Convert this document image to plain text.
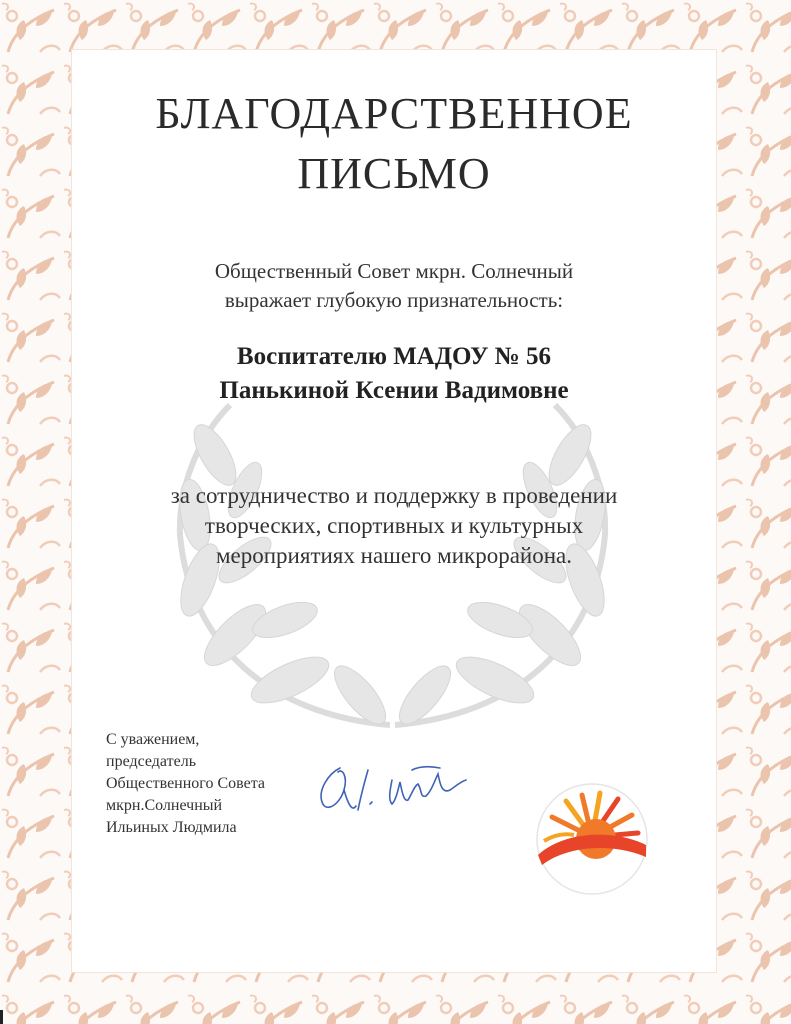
БЛАГОДАРСТВЕННОЕ
ПИСЬМО
Общественный Совет мкрн. Солнечный
выражает глубокую признательность:
Воспитателю МАДОУ № 56
Панькиной Ксении Вадимовне
за сотрудничество и поддержку в проведении
творческих, спортивных и культурных
мероприятиях нашего микрорайона.
С уважением,
председатель
Общественного Совета
мкрн.Солнечный
Ильиных Людмила
